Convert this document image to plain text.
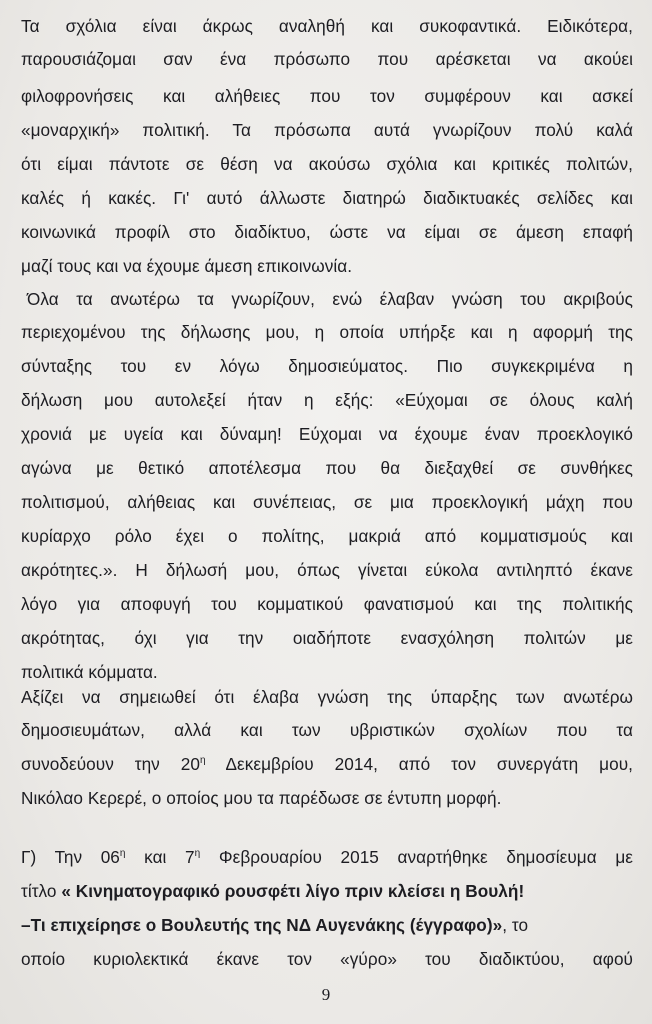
Τα σχόλια είναι άκρως αναληθή και συκοφαντικά. Ειδικότερα,
παρουσιάζομαι σαν ένα πρόσωπο που αρέσκεται να ακούει
φιλοφρονήσεις και αλήθειες που τον συμφέρουν και ασκεί
«μοναρχική» πολιτική. Τα πρόσωπα αυτά γνωρίζουν πολύ καλά
ότι είμαι πάντοτε σε θέση να ακούσω σχόλια και κριτικές πολιτών,
καλές ή κακές. Γι' αυτό άλλωστε διατηρώ διαδικτυακές σελίδες και
κοινωνικά προφίλ στο διαδίκτυο, ώστε να είμαι σε άμεση επαφή
μαζί τους και να έχουμε άμεση επικοινωνία.
Όλα τα ανωτέρω τα γνωρίζουν, ενώ έλαβαν γνώση του ακριβούς
περιεχομένου της δήλωσης μου, η οποία υπήρξε και η αφορμή της
σύνταξης του εν λόγω δημοσιεύματος. Πιο συγκεκριμένα η
δήλωση μου αυτολεξεί ήταν η εξής: «Εύχομαι σε όλους καλή
χρονιά με υγεία και δύναμη! Εύχομαι να έχουμε έναν προεκλογικό
αγώνα με θετικό αποτέλεσμα που θα διεξαχθεί σε συνθήκες
πολιτισμού, αλήθειας και συνέπειας, σε μια προεκλογική μάχη που
κυρίαρχο ρόλο έχει ο πολίτης, μακριά από κομματισμούς και
ακρότητες.». Η δήλωσή μου, όπως γίνεται εύκολα αντιληπτό έκανε
λόγο για αποφυγή του κομματικού φανατισμού και της πολιτικής
ακρότητας, όχι για την οιαδήποτε ενασχόληση πολιτών με
πολιτικά κόμματα.
Αξίζει να σημειωθεί ότι έλαβα γνώση της ύπαρξης των ανωτέρω
δημοσιευμάτων, αλλά και των υβριστικών σχολίων που τα
συνοδεύουν την $20^\eta$ Δεκεμβρίου 2014, από τον συνεργάτη μου,
Νικόλαο Κερερέ, ο οποίος μου τα παρέδωσε σε έντυπη μορφή.
Γ) Την $06^\eta$ και $7^\eta$ Φεβρουαρίου 2015 αναρτήθηκε δημοσίευμα με
τίτλο « Κινηματογραφικό ρουσφέτι λίγο πριν κλείσει η Βουλή!
–Τι επιχείρησε ο Βουλευτής της ΝΔ Αυγενάκης (έγγραφο)», το
οποίο κυριολεκτικά έκανε τον «γύρο» του διαδικτύου, αφού
9
